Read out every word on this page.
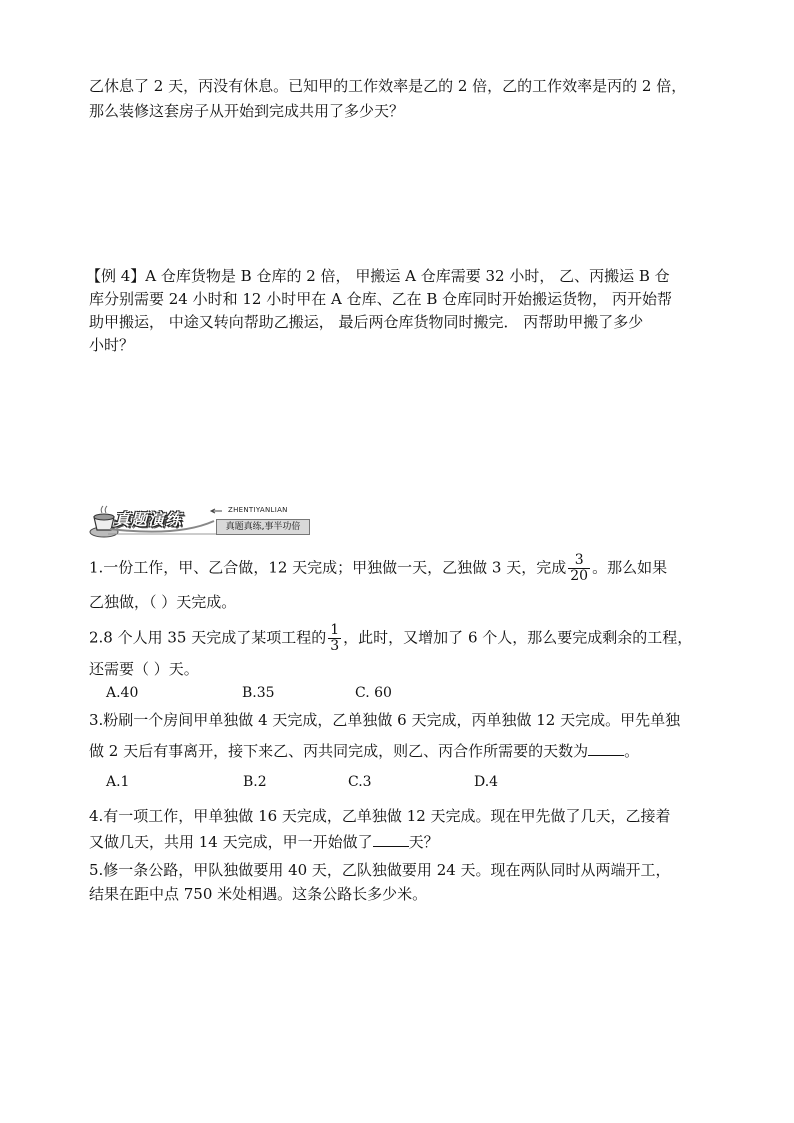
乙休息了 2 天，丙没有休息。已知甲的工作效率是乙的 2 倍，乙的工作效率是丙的 2 倍，
那么装修这套房子从开始到完成共用了多少天？
【例 4】A 仓库货物是 B 仓库的 2 倍， 甲搬运 A 仓库需要 32 小时， 乙、丙搬运 B 仓
库分别需要 24 小时和 12 小时甲在 A 仓库、乙在 B 仓库同时开始搬运货物， 丙开始帮
助甲搬运， 中途又转向帮助乙搬运， 最后两仓库货物同时搬完． 丙帮助甲搬了多少
小时？
真题演练	ZHENTIYANLIAN
真题真练,事半功倍
1.一份工作，甲、乙合做，12 天完成；甲独做一天，乙独做 3 天，完成 $\frac{3}{20}$ 。那么如果
乙独做，（ ）天完成。
2.8 个人用 35 天完成了某项工程的 $\frac{1}{3}$ ，此时，又增加了 6 个人，那么要完成剩余的工程，
还需要（ ）天。
A.40	B.35	C. 60
3.粉刷一个房间甲单独做 4 天完成，乙单独做 6 天完成，丙单独做 12 天完成。甲先单独
做 2 天后有事离开，接下来乙、丙共同完成，则乙、丙合作所需要的天数为 。
A.1	B.2	C.3	D.4
4.有一项工作，甲单独做 16 天完成，乙单独做 12 天完成。现在甲先做了几天，乙接着
又做几天，共用 14 天完成，甲一开始做了 天？
5.修一条公路，甲队独做要用 40 天，乙队独做要用 24 天。现在两队同时从两端开工，
结果在距中点 750 米处相遇。这条公路长多少米。
